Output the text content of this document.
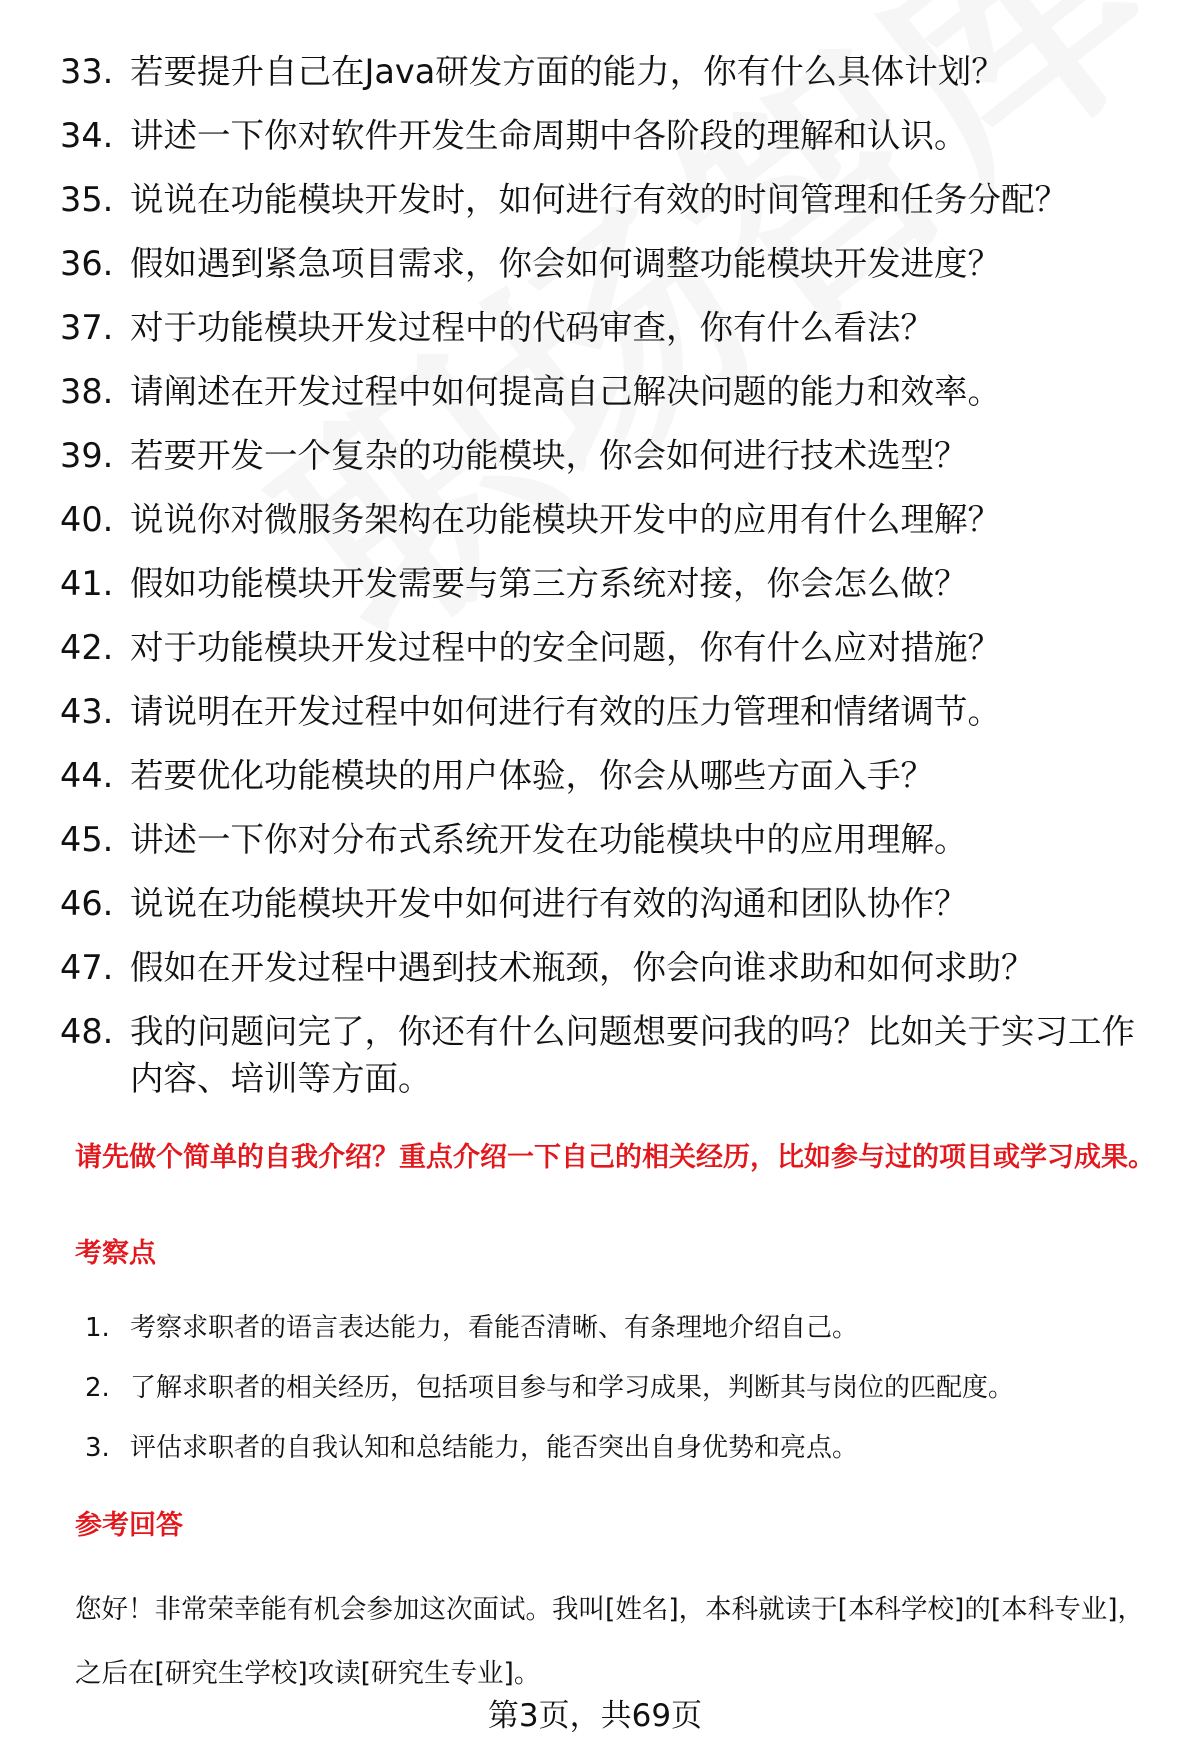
33. 若要提升自己在Java研发方面的能力，你有什么具体计划？
34. 讲述一下你对软件开发生命周期中各阶段的理解和认识。
35. 说说在功能模块开发时，如何进行有效的时间管理和任务分配？
36. 假如遇到紧急项目需求，你会如何调整功能模块开发进度？
37. 对于功能模块开发过程中的代码审查，你有什么看法？
38. 请阐述在开发过程中如何提高自己解决问题的能力和效率。
39. 若要开发一个复杂的功能模块，你会如何进行技术选型？
40. 说说你对微服务架构在功能模块开发中的应用有什么理解？
41. 假如功能模块开发需要与第三方系统对接，你会怎么做？
42. 对于功能模块开发过程中的安全问题，你有什么应对措施？
43. 请说明在开发过程中如何进行有效的压力管理和情绪调节。
44. 若要优化功能模块的用户体验，你会从哪些方面入手？
45. 讲述一下你对分布式系统开发在功能模块中的应用理解。
46. 说说在功能模块开发中如何进行有效的沟通和团队协作？
47. 假如在开发过程中遇到技术瓶颈，你会向谁求助和如何求助？
48. 我的问题问完了，你还有什么问题想要问我的吗？比如关于实习工作内容、培训等方面。
请先做个简单的自我介绍？重点介绍一下自己的相关经历，比如参与过的项目或学习成果。
考察点
1. 考察求职者的语言表达能力，看能否清晰、有条理地介绍自己。
2. 了解求职者的相关经历，包括项目参与和学习成果，判断其与岗位的匹配度。
3. 评估求职者的自我认知和总结能力，能否突出自身优势和亮点。
参考回答
您好！非常荣幸能有机会参加这次面试。我叫[姓名]，本科就读于[本科学校]的[本科专业]，之后在[研究生学校]攻读[研究生专业]。
第3页，共69页
